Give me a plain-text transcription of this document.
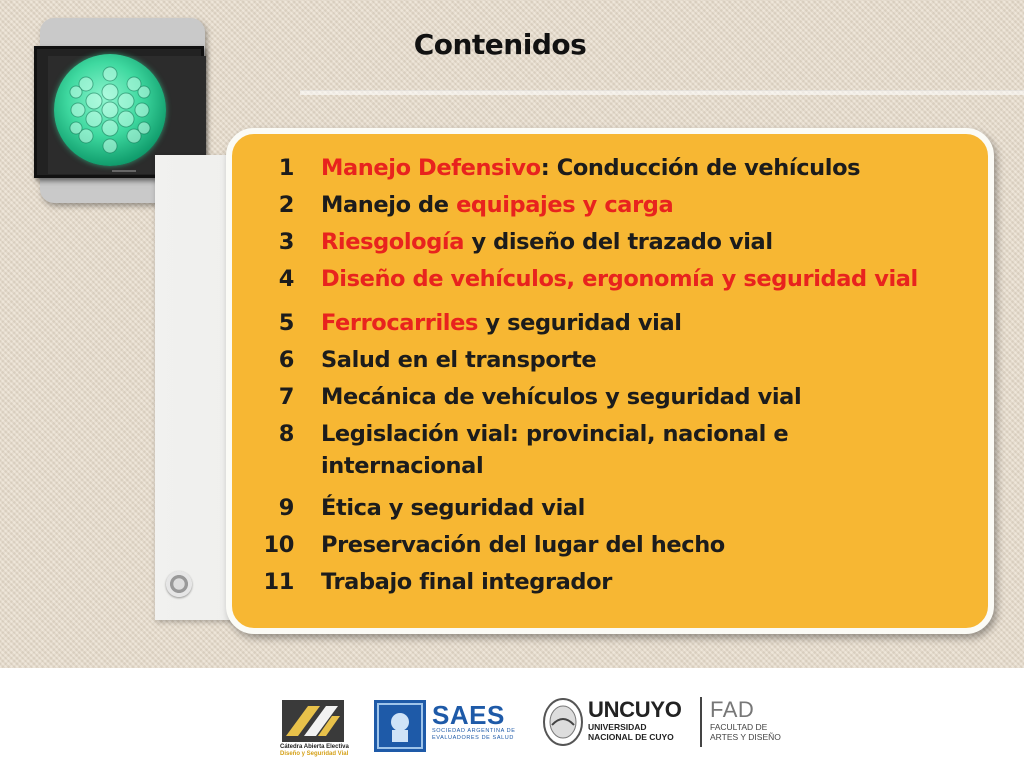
Contenidos
1 Manejo Defensivo: Conducción de vehículos
2 Manejo de equipajes y carga
3 Riesgología y diseño del trazado vial
4 Diseño de vehículos, ergonomía y seguridad vial
5 Ferrocarriles y seguridad vial
6 Salud en el transporte
7 Mecánica de vehículos y seguridad vial
8 Legislación vial: provincial, nacional e
internacional
9 Ética y seguridad vial
10 Preservación del lugar del hecho
11 Trabajo final integrador
Cátedra Abierta Electiva
Diseño y Seguridad Vial
SAES
SOCIEDAD ARGENTINA DE EVALUADORES DE SALUD
UNCUYO
UNIVERSIDAD
NACIONAL DE CUYO
FAD
FACULTAD DE
ARTES Y DISEÑO
